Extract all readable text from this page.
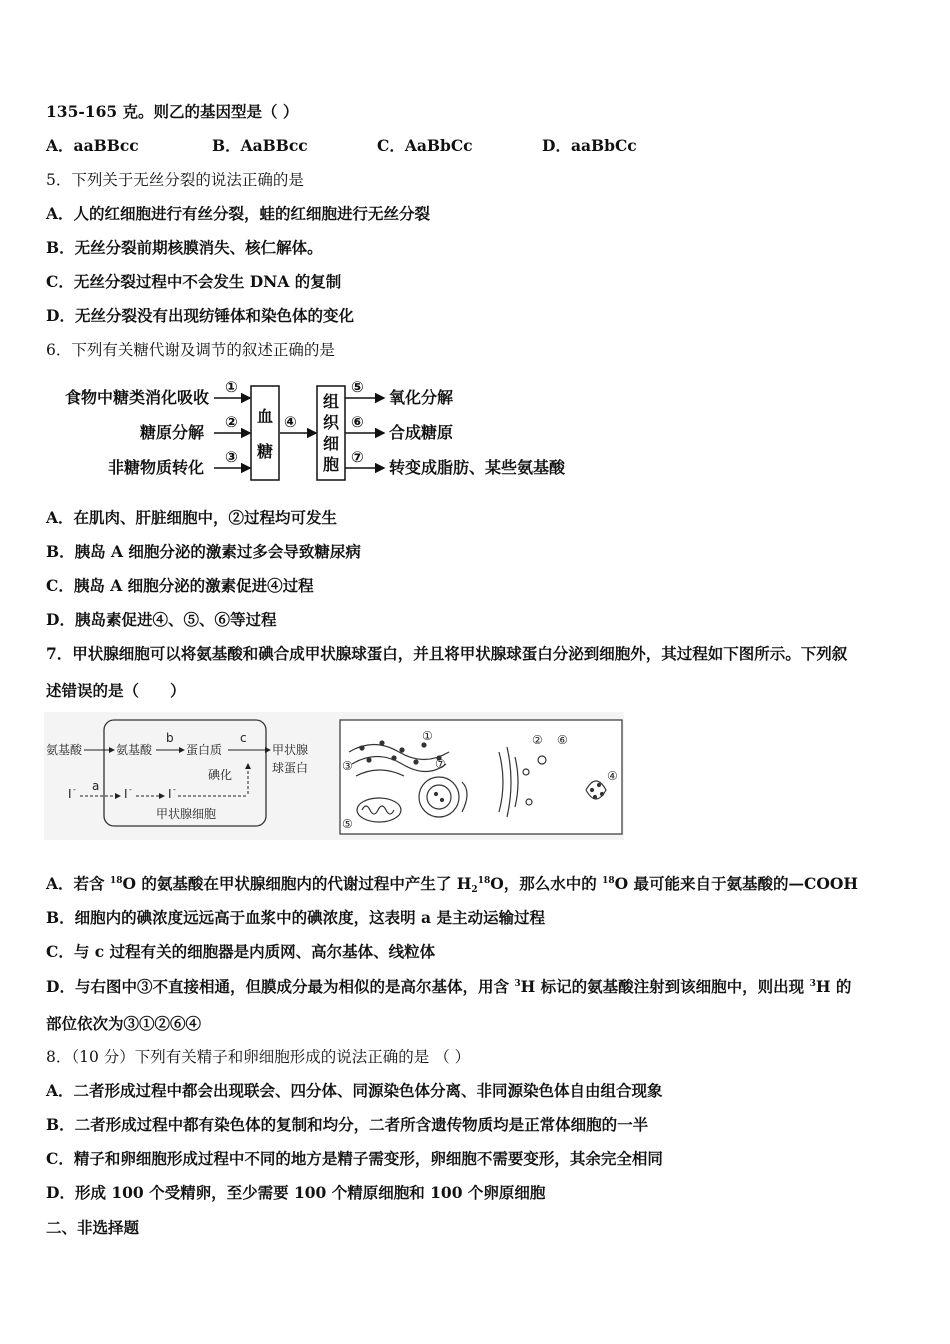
135-165 克。则乙的基因型是（ ）
A．aaBBcc	B．AaBBcc	C．AaBbCc	D．aaBbCc
5．下列关于无丝分裂的说法正确的是
A．人的红细胞进行有丝分裂，蛙的红细胞进行无丝分裂
B．无丝分裂前期核膜消失、核仁解体。
C．无丝分裂过程中不会发生 DNA 的复制
D．无丝分裂没有出现纺锤体和染色体的变化
6．下列有关糖代谢及调节的叙述正确的是
食物中糖类消化吸收
糖原分解
非糖物质转化
①
②
③
血
糖
④
组
织
细
胞
⑤
⑥
⑦
氧化分解
合成糖原
转变成脂肪、某些氨基酸
A．在肌肉、肝脏细胞中，②过程均可发生
B．胰岛 A 细胞分泌的激素过多会导致糖尿病
C．胰岛 A 细胞分泌的激素促进④过程
D．胰岛素促进④、⑤、⑥等过程
7．甲状腺细胞可以将氨基酸和碘合成甲状腺球蛋白，并且将甲状腺球蛋白分泌到细胞外，其过程如下图所示。下列叙
述错误的是（　　）
氨基酸	氨基酸
b
蛋白质
c
甲状腺
球蛋白
碘化
I - a
I -	I -
甲状腺细胞
①	②
③
④
⑤
⑥
⑦
A．若含 $^{18}$O 的氨基酸在甲状腺细胞内的代谢过程中产生了 $H_2^{18}O$，那么水中的 $^{18}$O 最可能来自于氨基酸的—COOH
B．细胞内的碘浓度远远高于血浆中的碘浓度，这表明 a 是主动运输过程
C．与 c 过程有关的细胞器是内质网、高尔基体、线粒体
D．与右图中③不直接相通，但膜成分最为相似的是高尔基体，用含 $^3$H 标记的氨基酸注射到该细胞中，则出现 $^3$H 的
部位依次为③①②⑥④
8．（10 分）下列有关精子和卵细胞形成的说法正确的是 （ ）
A．二者形成过程中都会出现联会、四分体、同源染色体分离、非同源染色体自由组合现象
B．二者形成过程中都有染色体的复制和均分，二者所含遗传物质均是正常体细胞的一半
C．精子和卵细胞形成过程中不同的地方是精子需变形，卵细胞不需要变形，其余完全相同
D．形成 100 个受精卵，至少需要 100 个精原细胞和 100 个卵原细胞
二、非选择题
